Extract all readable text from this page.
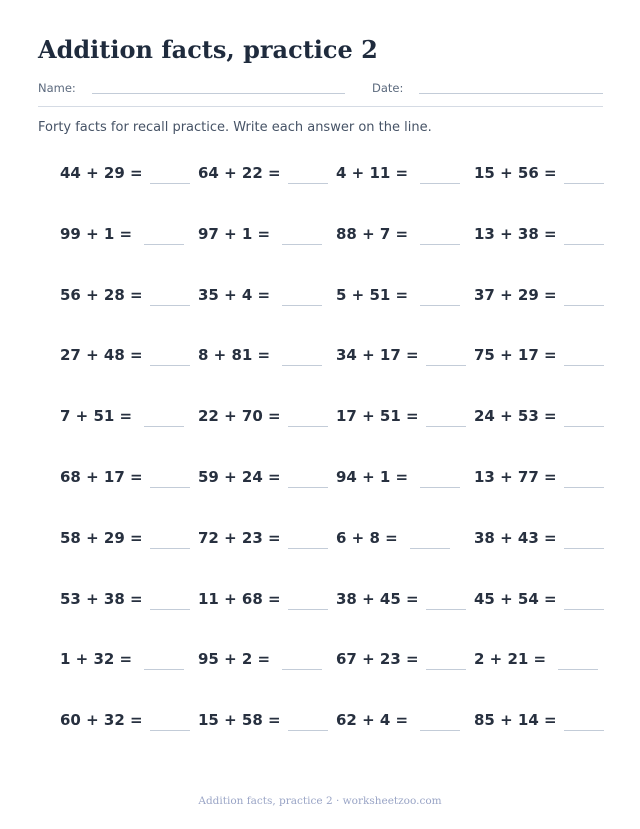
Addition facts, practice 2
Name:	Date:

Forty facts for recall practice. Write each answer on the line.

44 + 29 =	64 + 22 =	4 + 11 =	15 + 56 =
99 + 1 =	97 + 1 =	88 + 7 =	13 + 38 =
56 + 28 =	35 + 4 =	5 + 51 =	37 + 29 =
27 + 48 =	8 + 81 =	34 + 17 =	75 + 17 =
7 + 51 =	22 + 70 =	17 + 51 =	24 + 53 =
68 + 17 =	59 + 24 =	94 + 1 =	13 + 77 =
58 + 29 =	72 + 23 =	6 + 8 =	38 + 43 =
53 + 38 =	11 + 68 =	38 + 45 =	45 + 54 =
1 + 32 =	95 + 2 =	67 + 23 =	2 + 21 =
60 + 32 =	15 + 58 =	62 + 4 =	85 + 14 =

Addition facts, practice 2 · worksheetzoo.com
